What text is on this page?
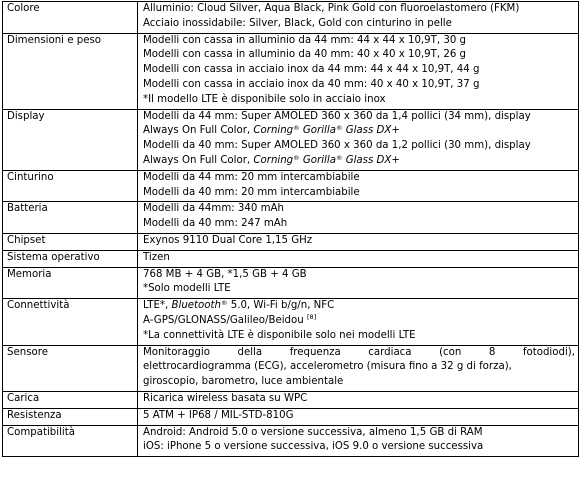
Colore	Alluminio: Cloud Silver, Aqua Black, Pink Gold con fluoroelastomero (FKM)
Acciaio inossidabile: Silver, Black, Gold con cinturino in pelle

Dimensioni e peso	Modelli con cassa in alluminio da 44 mm: 44 x 44 x 10,9T, 30 g
Modelli con cassa in alluminio da 40 mm: 40 x 40 x 10,9T, 26 g
Modelli con cassa in acciaio inox da 44 mm: 44 x 44 x 10,9T, 44 g
Modelli con cassa in acciaio inox da 40 mm: 40 x 40 x 10,9T, 37 g
*Il modello LTE è disponibile solo in acciaio inox

Display	Modelli da 44 mm: Super AMOLED 360 x 360 da 1,4 pollici (34 mm), display
Always On Full Color, Corning® Gorilla® Glass DX+
Modelli da 40 mm: Super AMOLED 360 x 360 da 1,2 pollici (30 mm), display
Always On Full Color, Corning® Gorilla® Glass DX+

Cinturino	Modelli da 44 mm: 20 mm intercambiabile
Modelli da 40 mm: 20 mm intercambiabile

Batteria	Modelli da 44mm: 340 mAh
Modelli da 40 mm: 247 mAh

Chipset	Exynos 9110 Dual Core 1,15 GHz

Sistema operativo	Tizen

Memoria	768 MB + 4 GB, *1,5 GB + 4 GB
*Solo modelli LTE

Connettività	LTE*, Bluetooth® 5.0, Wi-Fi b/g/n, NFC
A-GPS/GLONASS/Galileo/Beidou [8]
*La connettività LTE è disponibile solo nei modelli LTE

Sensore	Monitoraggio della frequenza cardiaca (con 8 fotodiodi),
elettrocardiogramma (ECG), accelerometro (misura fino a 32 g di forza),
giroscopio, barometro, luce ambientale

Carica	Ricarica wireless basata su WPC

Resistenza	5 ATM + IP68 / MIL-STD-810G

Compatibilità	Android: Android 5.0 o versione successiva, almeno 1,5 GB di RAM
iOS: iPhone 5 o versione successiva, iOS 9.0 o versione successiva
